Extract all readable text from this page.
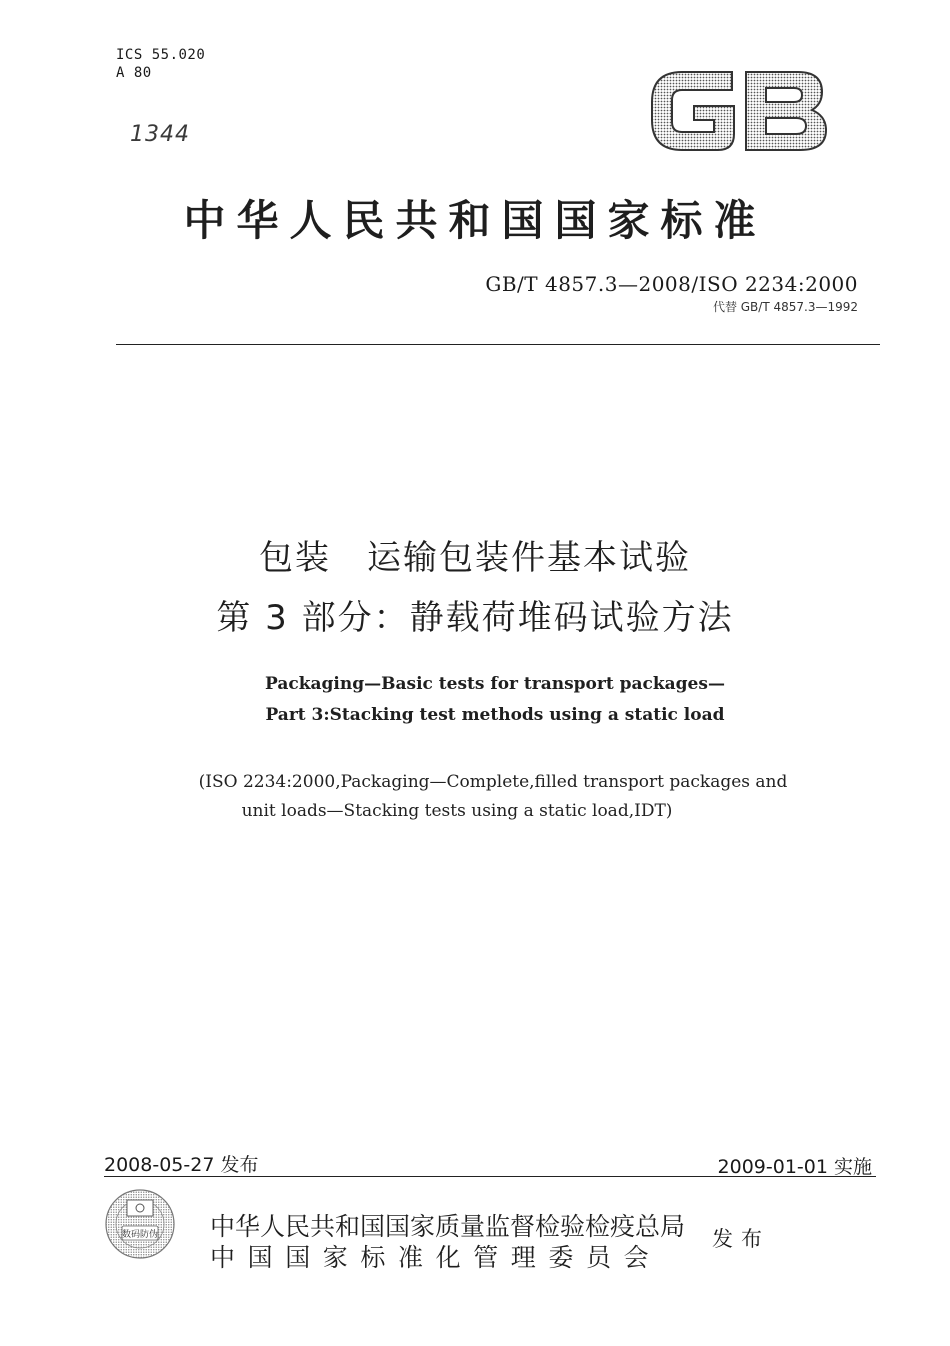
ICS 55.020
A 80
1344
中华人民共和国国家标准
GB/T 4857.3—2008/ISO 2234:2000
代替 GB/T 4857.3—1992
包装　运输包装件基本试验
第 3 部分：静载荷堆码试验方法
Packaging—Basic tests for transport packages—
Part 3:Stacking test methods using a static load
(ISO 2234:2000,Packaging—Complete,filled transport packages and
unit loads—Stacking tests using a static load,IDT)
2008-05-27 发布	2009-01-01 实施
数码防伪 中华人民共和国国家质量监督检验检疫总局
中国国家标准化管理委员会
发布
